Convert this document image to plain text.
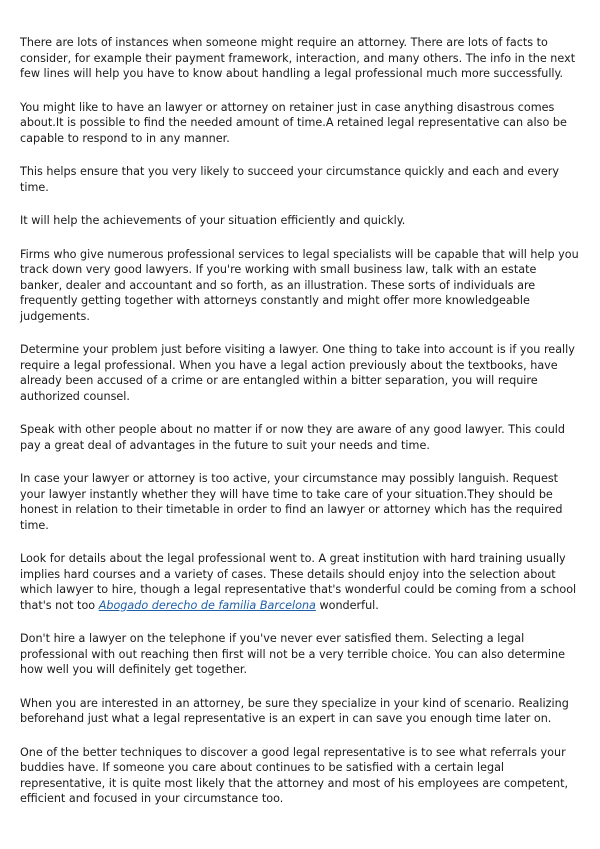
There are lots of instances when someone might require an attorney. There are lots of facts to consider, for example their payment framework, interaction, and many others. The info in the next few lines will help you have to know about handling a legal professional much more successfully.

You might like to have an lawyer or attorney on retainer just in case anything disastrous comes about.It is possible to find the needed amount of time.A retained legal representative can also be capable to respond to in any manner.

This helps ensure that you very likely to succeed your circumstance quickly and each and every time.

It will help the achievements of your situation efficiently and quickly.

Firms who give numerous professional services to legal specialists will be capable that will help you track down very good lawyers. If you're working with small business law, talk with an estate banker, dealer and accountant and so forth, as an illustration. These sorts of individuals are frequently getting together with attorneys constantly and might offer more knowledgeable judgements.

Determine your problem just before visiting a lawyer. One thing to take into account is if you really require a legal professional. When you have a legal action previously about the textbooks, have already been accused of a crime or are entangled within a bitter separation, you will require authorized counsel.

Speak with other people about no matter if or now they are aware of any good lawyer. This could pay a great deal of advantages in the future to suit your needs and time.

In case your lawyer or attorney is too active, your circumstance may possibly languish. Request your lawyer instantly whether they will have time to take care of your situation.They should be honest in relation to their timetable in order to find an lawyer or attorney which has the required time.

Look for details about the legal professional went to. A great institution with hard training usually implies hard courses and a variety of cases. These details should enjoy into the selection about which lawyer to hire, though a legal representative that's wonderful could be coming from a school that's not too Abogado derecho de familia Barcelona wonderful.

Don't hire a lawyer on the telephone if you've never ever satisfied them. Selecting a legal professional with out reaching then first will not be a very terrible choice. You can also determine how well you will definitely get together.

When you are interested in an attorney, be sure they specialize in your kind of scenario. Realizing beforehand just what a legal representative is an expert in can save you enough time later on.

One of the better techniques to discover a good legal representative is to see what referrals your buddies have. If someone you care about continues to be satisfied with a certain legal representative, it is quite most likely that the attorney and most of his employees are competent, efficient and focused in your circumstance too.
